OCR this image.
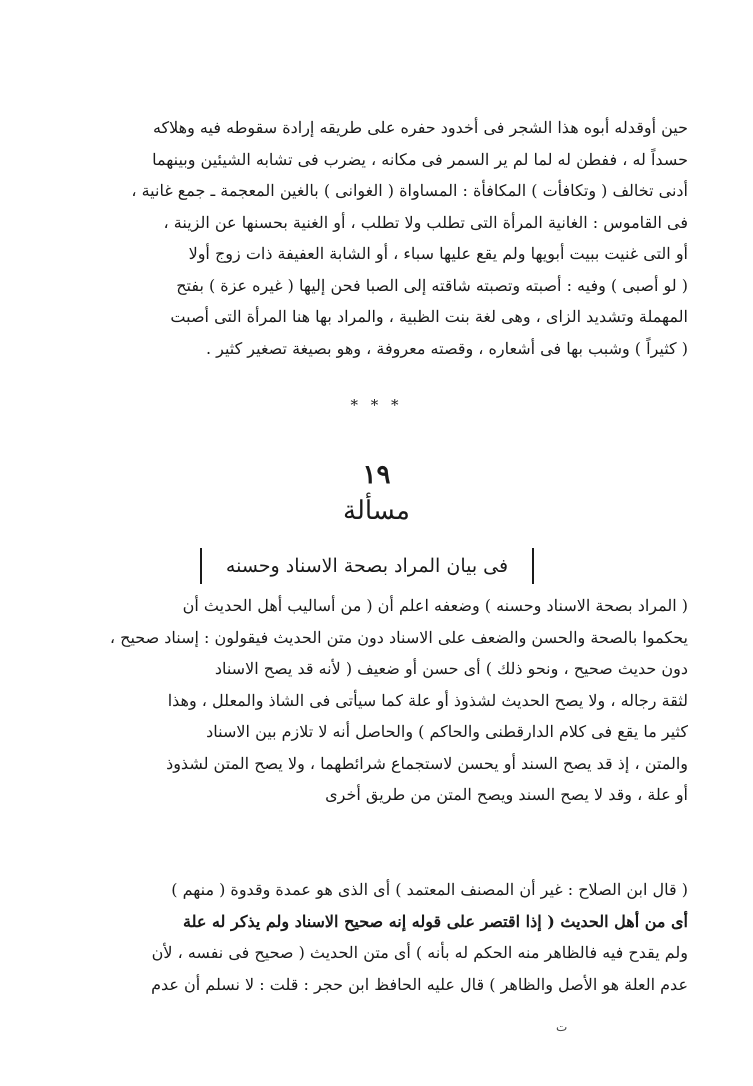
حين أوقدله أبوه هذا الشجر فى أخدود حفره على طريقه إرادة سقوطه فيه وهلاكه
حسداً له ، ففطن له لما لم ير السمر فى مكانه ، يضرب فى تشابه الشيئين وبينهما
أدنى تخالف ( وتكافأت ) المكافأة : المساواة ( الغوانى ) بالغين المعجمة ـ جمع غانية ،
فى القاموس : الغانية المرأة التى تطلب ولا تطلب ، أو الغنية بحسنها عن الزينة ،
أو التى غنيت ببيت أبويها ولم يقع عليها سباء ، أو الشابة العفيفة ذات زوج أولا
( لو أصبى ) وفيه : أصبته وتصبته شاقته إلى الصبا فحن إليها ( غيره عزة ) بفتح
المهملة وتشديد الزاى ، وهى لغة بنت الظبية ، والمراد بها هنا المرأة التى أصبت
( كثيراً ) وشبب بها فى أشعاره ، وقصته معروفة ، وهو بصيغة تصغير كثير .
* * *
١٩
مسألة
فى بيان المراد بصحة الاسناد وحسنه
( المراد بصحة الاسناد وحسنه ) وضعفه اعلم أن ( من أساليب أهل الحديث أن
يحكموا بالصحة والحسن والضعف على الاسناد دون متن الحديث فيقولون : إسناد صحيح ،
دون حديث صحيح ، ونحو ذلك ) أى حسن أو ضعيف ( لأنه قد يصح الاسناد
لثقة رجاله ، ولا يصح الحديث لشذوذ أو علة كما سيأتى فى الشاذ والمعلل ، وهذا
كثير ما يقع فى كلام الدارقطنى والحاكم ) والحاصل أنه لا تلازم بين الاسناد
والمتن ، إذ قد يصح السند أو يحسن لاستجماع شرائطهما ، ولا يصح المتن لشذوذ
أو علة ، وقد لا يصح السند ويصح المتن من طريق أخرى
( قال ابن الصلاح : غير أن المصنف المعتمد ) أى الذى هو عمدة وقدوة ( منهم )
أى من أهل الحديث ( إذا اقتصر على قوله إنه صحيح الاسناد ولم يذكر له علة
ولم يقدح فيه فالظاهر منه الحكم له بأنه ) أى متن الحديث ( صحيح فى نفسه ، لأن
عدم العلة هو الأصل والظاهر ) قال عليه الحافظ ابن حجر : قلت : لا نسلم أن عدم
ت
